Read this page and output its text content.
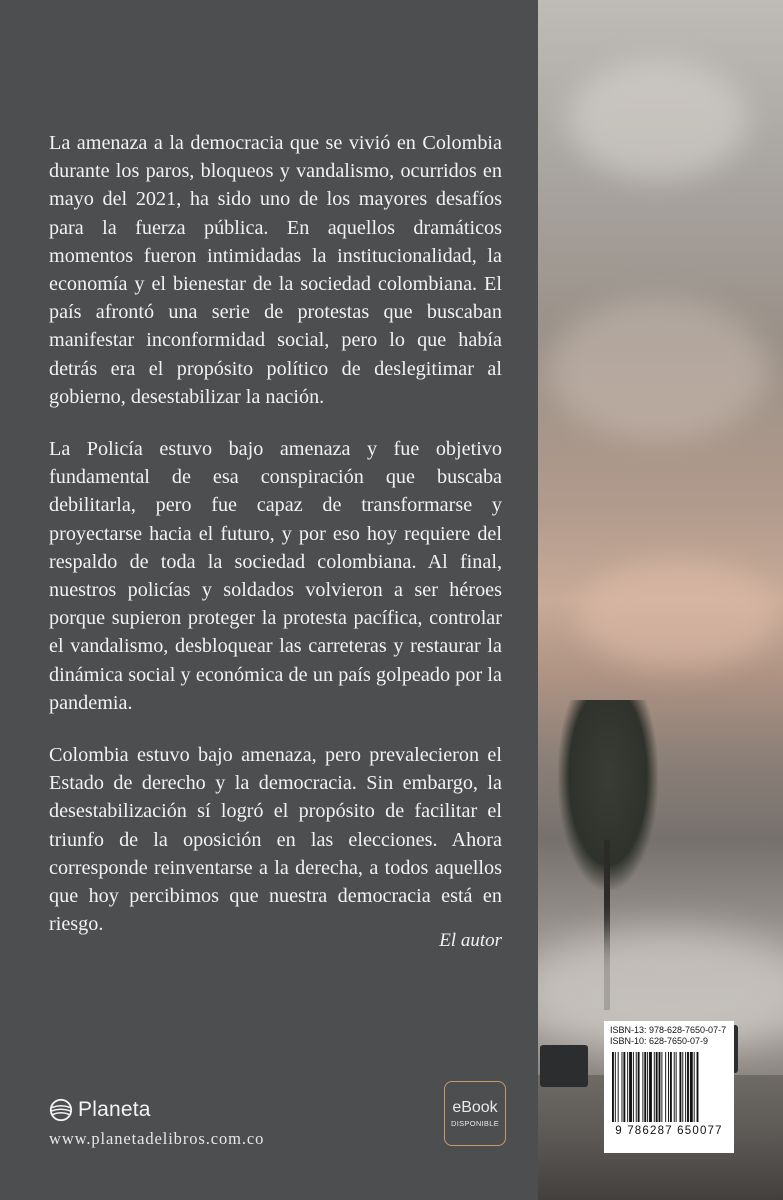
La amenaza a la democracia que se vivió en Colombia durante los paros, bloqueos y vandalismo, ocurridos en mayo del 2021, ha sido uno de los mayores desafíos para la fuerza pública. En aquellos dramáticos momentos fueron intimidadas la institucionalidad, la economía y el bienestar de la sociedad colombiana. El país afrontó una serie de protestas que buscaban manifestar inconformidad social, pero lo que había detrás era el propósito político de deslegitimar al gobierno, desestabilizar la nación.

La Policía estuvo bajo amenaza y fue objetivo fundamental de esa conspiración que buscaba debilitarla, pero fue capaz de transformarse y proyectarse hacia el futuro, y por eso hoy requiere del respaldo de toda la sociedad colombiana. Al final, nuestros policías y soldados volvieron a ser héroes porque supieron proteger la protesta pacífica, controlar el vandalismo, desbloquear las carreteras y restaurar la dinámica social y económica de un país golpeado por la pandemia.

Colombia estuvo bajo amenaza, pero prevalecieron el Estado de derecho y la democracia. Sin embargo, la desestabilización sí logró el propósito de facilitar el triunfo de la oposición en las elecciones. Ahora corresponde reinventarse a la derecha, a todos aquellos que hoy percibimos que nuestra democracia está en riesgo.

El autor
Planeta
www.planetadelibros.com.co
eBook
DISPONIBLE
ISBN-13: 978-628-7650-07-7
ISBN-10: 628-7650-07-9
9 786287 650077
